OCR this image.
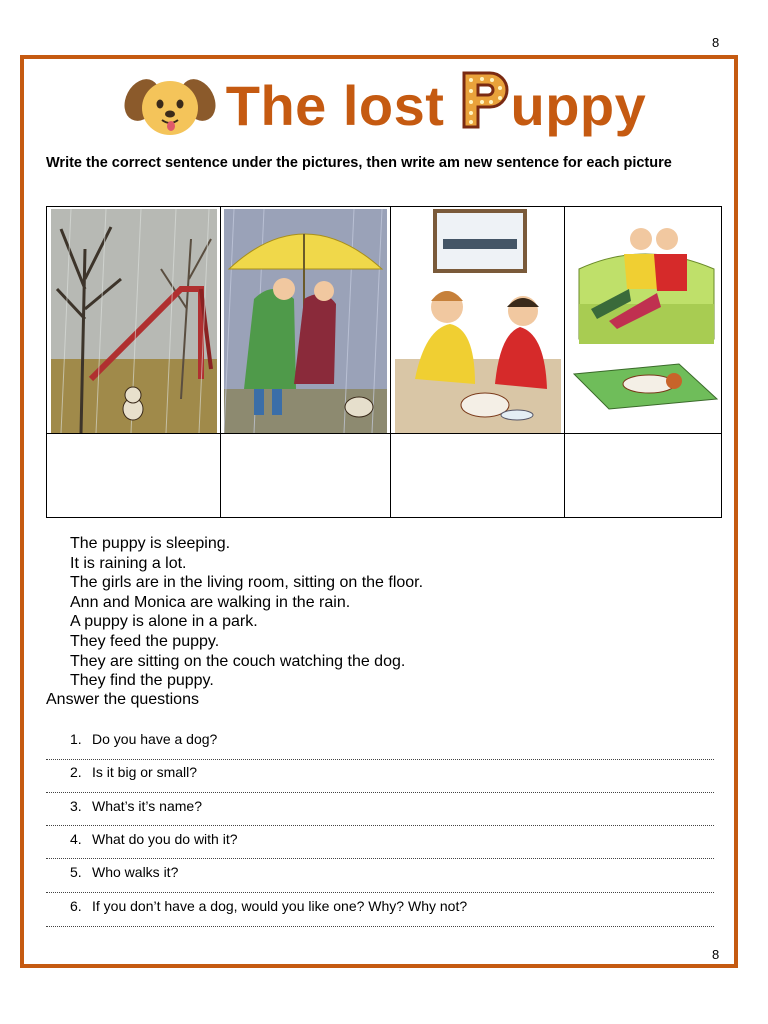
8
The lost uppy
Write the correct sentence under the pictures, then write am new sentence for each picture
The puppy is sleeping.
It is raining a lot.
The girls are in the living room, sitting on the floor.
Ann and Monica are walking in the rain.
A puppy is alone in a park.
They feed the puppy.
They are sitting on the couch watching the dog.
They find the puppy.
Answer the questions
1. Do you have a dog?
2. Is it big or small?
3. What’s it’s name?
4. What do you do with it?
5. Who walks it?
6. If you don’t have a dog, would you like one? Why? Why not?
8
